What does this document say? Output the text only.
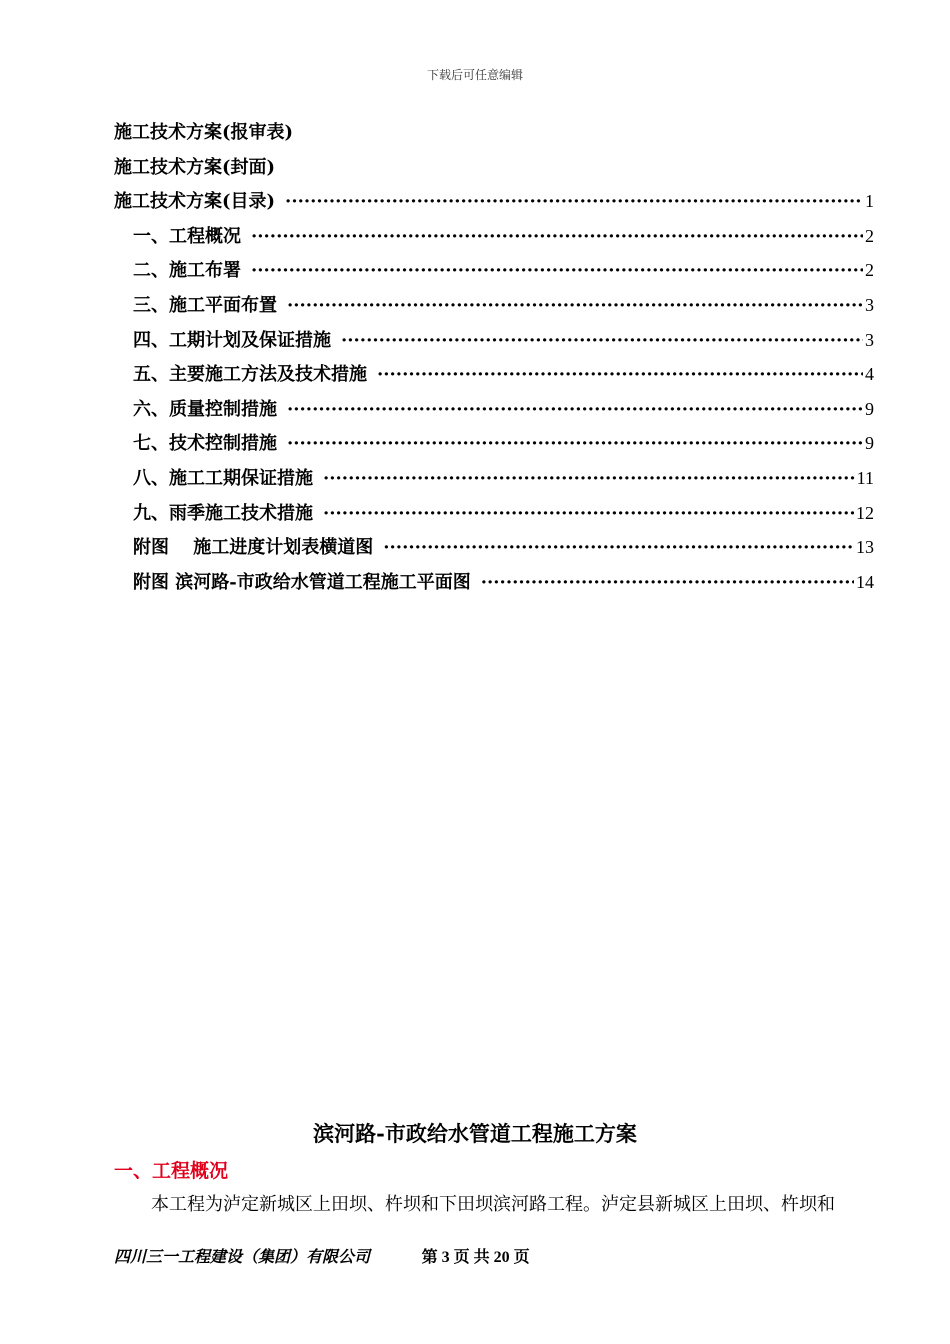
下载后可任意编辑
施工技术方案(报审表)
施工技术方案(封面)
施工技术方案(目录) ·····	1
一、工程概况 ·····	2
二、施工布署 ·····	2
三、施工平面布置 ·····	3
四、工期计划及保证措施 ·····	3
五、主要施工方法及技术措施 ·····	4
六、质量控制措施 ·····	9
七、技术控制措施 ·····	9
八、施工工期保证措施 ·····	11
九、雨季施工技术措施 ·····	12
附图　 施工进度计划表横道图 ·····	13
附图 滨河路-市政给水管道工程施工平面图 ·····	14
滨河路-市政给水管道工程施工方案
一、工程概况
本工程为泸定新城区上田坝、杵坝和下田坝滨河路工程。泸定县新城区上田坝、杵坝和
四川三一工程建设（集团）有限公司	第 3 页 共 20 页
